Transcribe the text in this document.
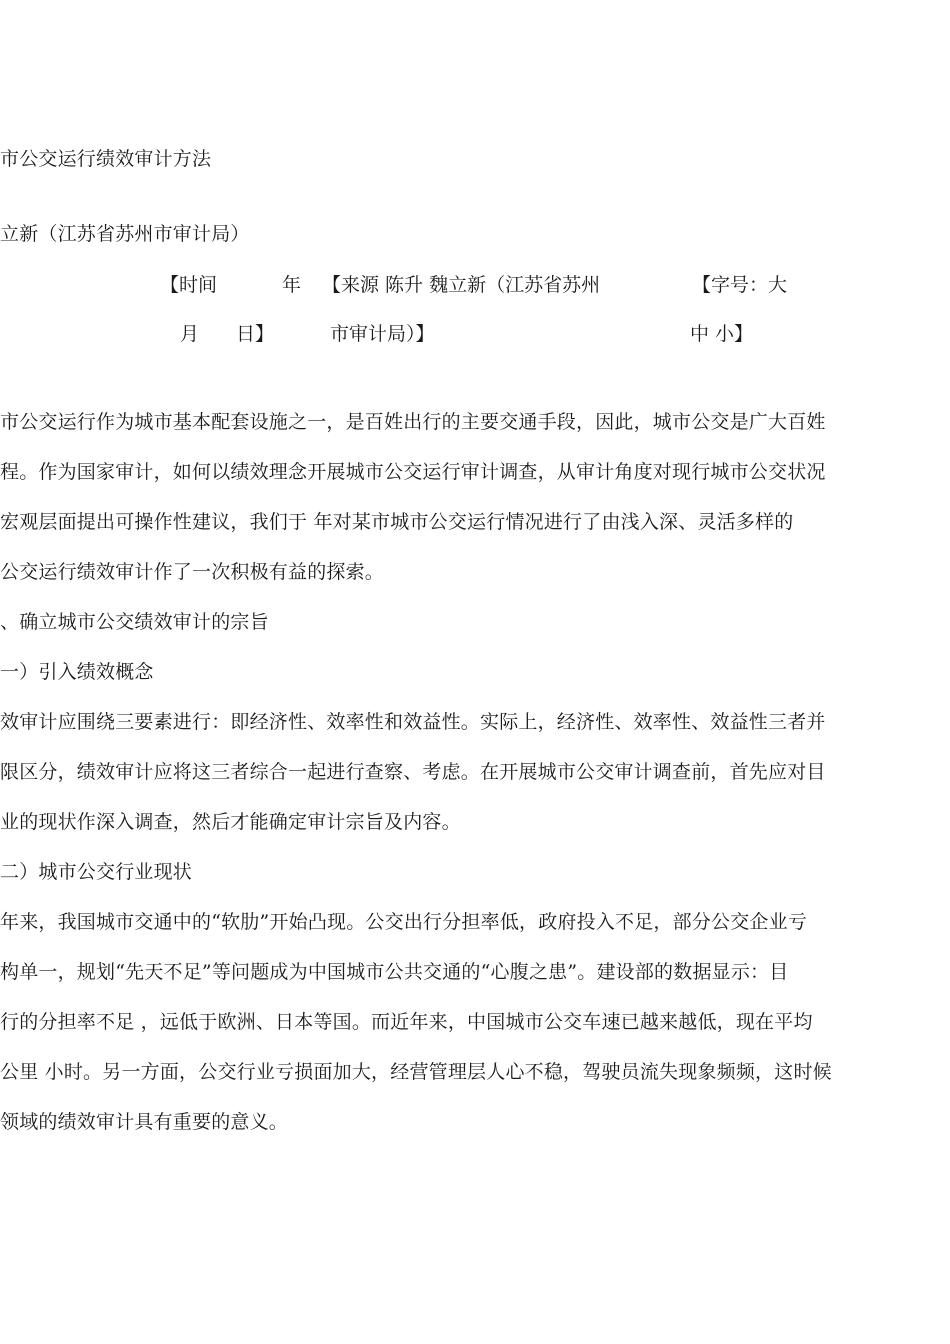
市公交运行绩效审计方法

立新（江苏省苏州市审计局）

【时间	年 【来源 陈升 魏立新（江苏省苏州	【字号：大
月 日】	市审计局）】	中 小】

市公交运行作为城市基本配套设施之一，是百姓出行的主要交通手段，因此，城市公交是广大百姓

程。作为国家审计，如何以绩效理念开展城市公交运行审计调查，从审计角度对现行城市公交状况

宏观层面提出可操作性建议，我们于 年对某市城市公交运行情况进行了由浅入深、灵活多样的

公交运行绩效审计作了一次积极有益的探索。

、确立城市公交绩效审计的宗旨

一）引入绩效概念

效审计应围绕三要素进行：即经济性、效率性和效益性。实际上，经济性、效率性、效益性三者并

限区分，绩效审计应将这三者综合一起进行查察、考虑。在开展城市公交审计调查前，首先应对目

业的现状作深入调查，然后才能确定审计宗旨及内容。

二）城市公交行业现状

年来，我国城市交通中的“软肋”开始凸现。公交出行分担率低，政府投入不足，部分公交企业亏

构单一，规划“先天不足”等问题成为中国城市公共交通的“心腹之患”。建设部的数据显示：目

行的分担率不足 ，远低于欧洲、日本等国。而近年来，中国城市公交车速已越来越低，现在平均

公里 小时。另一方面，公交行业亏损面加大，经营管理层人心不稳，驾驶员流失现象频频，这时候

领域的绩效审计具有重要的意义。
